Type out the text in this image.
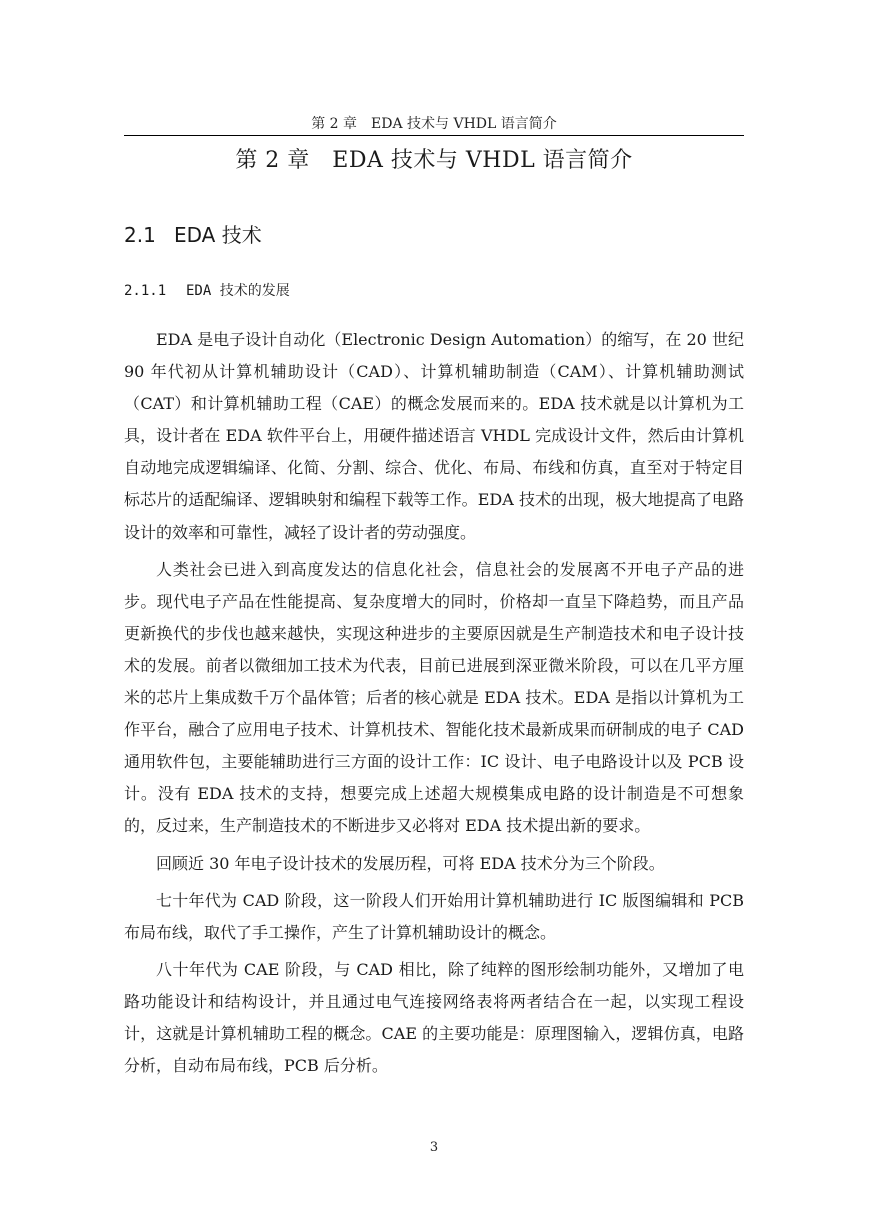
第 2 章　EDA 技术与 VHDL 语言简介
第 2 章　EDA 技术与 VHDL 语言简介
2.1 EDA 技术
2.1.1 EDA 技术的发展

EDA 是电子设计自动化（Electronic Design Automation）的缩写，在 20 世纪 90 年代初从计算机辅助设计（CAD）、计算机辅助制造（CAM）、计算机辅助测试（CAT）和计算机辅助工程（CAE）的概念发展而来的。EDA 技术就是以计算机为工具，设计者在 EDA 软件平台上，用硬件描述语言 VHDL 完成设计文件，然后由计算机自动地完成逻辑编译、化简、分割、综合、优化、布局、布线和仿真，直至对于特定目标芯片的适配编译、逻辑映射和编程下载等工作。EDA 技术的出现，极大地提高了电路设计的效率和可靠性，减轻了设计者的劳动强度。

人类社会已进入到高度发达的信息化社会，信息社会的发展离不开电子产品的进步。现代电子产品在性能提高、复杂度增大的同时，价格却一直呈下降趋势，而且产品更新换代的步伐也越来越快，实现这种进步的主要原因就是生产制造技术和电子设计技术的发展。前者以微细加工技术为代表，目前已进展到深亚微米阶段，可以在几平方厘米的芯片上集成数千万个晶体管；后者的核心就是 EDA 技术。EDA 是指以计算机为工作平台，融合了应用电子技术、计算机技术、智能化技术最新成果而研制成的电子 CAD 通用软件包，主要能辅助进行三方面的设计工作：IC 设计、电子电路设计以及 PCB 设计。没有 EDA 技术的支持，想要完成上述超大规模集成电路的设计制造是不可想象的，反过来，生产制造技术的不断进步又必将对 EDA 技术提出新的要求。

回顾近 30 年电子设计技术的发展历程，可将 EDA 技术分为三个阶段。

七十年代为 CAD 阶段，这一阶段人们开始用计算机辅助进行 IC 版图编辑和 PCB 布局布线，取代了手工操作，产生了计算机辅助设计的概念。

八十年代为 CAE 阶段，与 CAD 相比，除了纯粹的图形绘制功能外，又增加了电路功能设计和结构设计，并且通过电气连接网络表将两者结合在一起，以实现工程设计，这就是计算机辅助工程的概念。CAE 的主要功能是：原理图输入，逻辑仿真，电路分析，自动布局布线，PCB 后分析。

3
